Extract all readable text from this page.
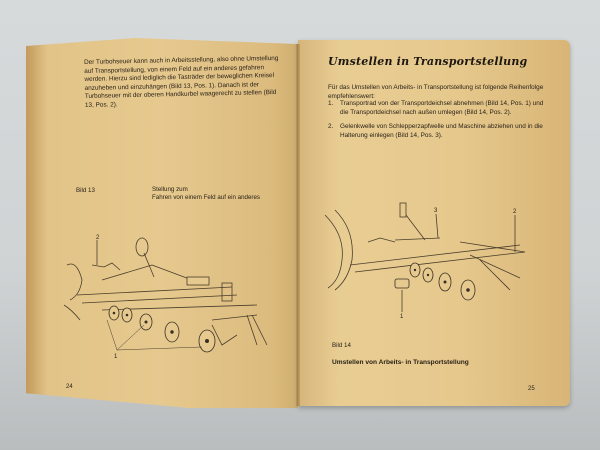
Der Turbohseuer kann auch in Arbeitsstellung, also ohne Umstellung auf Transportstellung, von einem Feld auf ein anderes gefahren werden. Hierzu sind lediglich die Tasträder der beweglichen Kreisel anzuheben und einzuhängen (Bild 13, Pos. 1). Danach ist der Turbohseuer mit der oberen Handkurbel waagerecht zu stellen (Bild 13, Pos. 2).
Bild 13	Stellung zum
Fahren von einem Feld auf ein anderes
2
1
24
Umstellen in Transportstellung
Für das Umstellen von Arbeits- in Transportstellung ist folgende Reihenfolge empfehlenswert:
1.	Transportrad von der Transportdeichsel abnehmen (Bild 14, Pos. 1) und die Transportdeichsel nach außen umlegen (Bild 14, Pos. 2).
2.	Gelenkwelle von Schlepperzapfwelle und Maschine abziehen und in die Halterung einlegen (Bild 14, Pos. 3).
3	2
1
Bild 14
Umstellen von Arbeits- in Transportstellung
25
